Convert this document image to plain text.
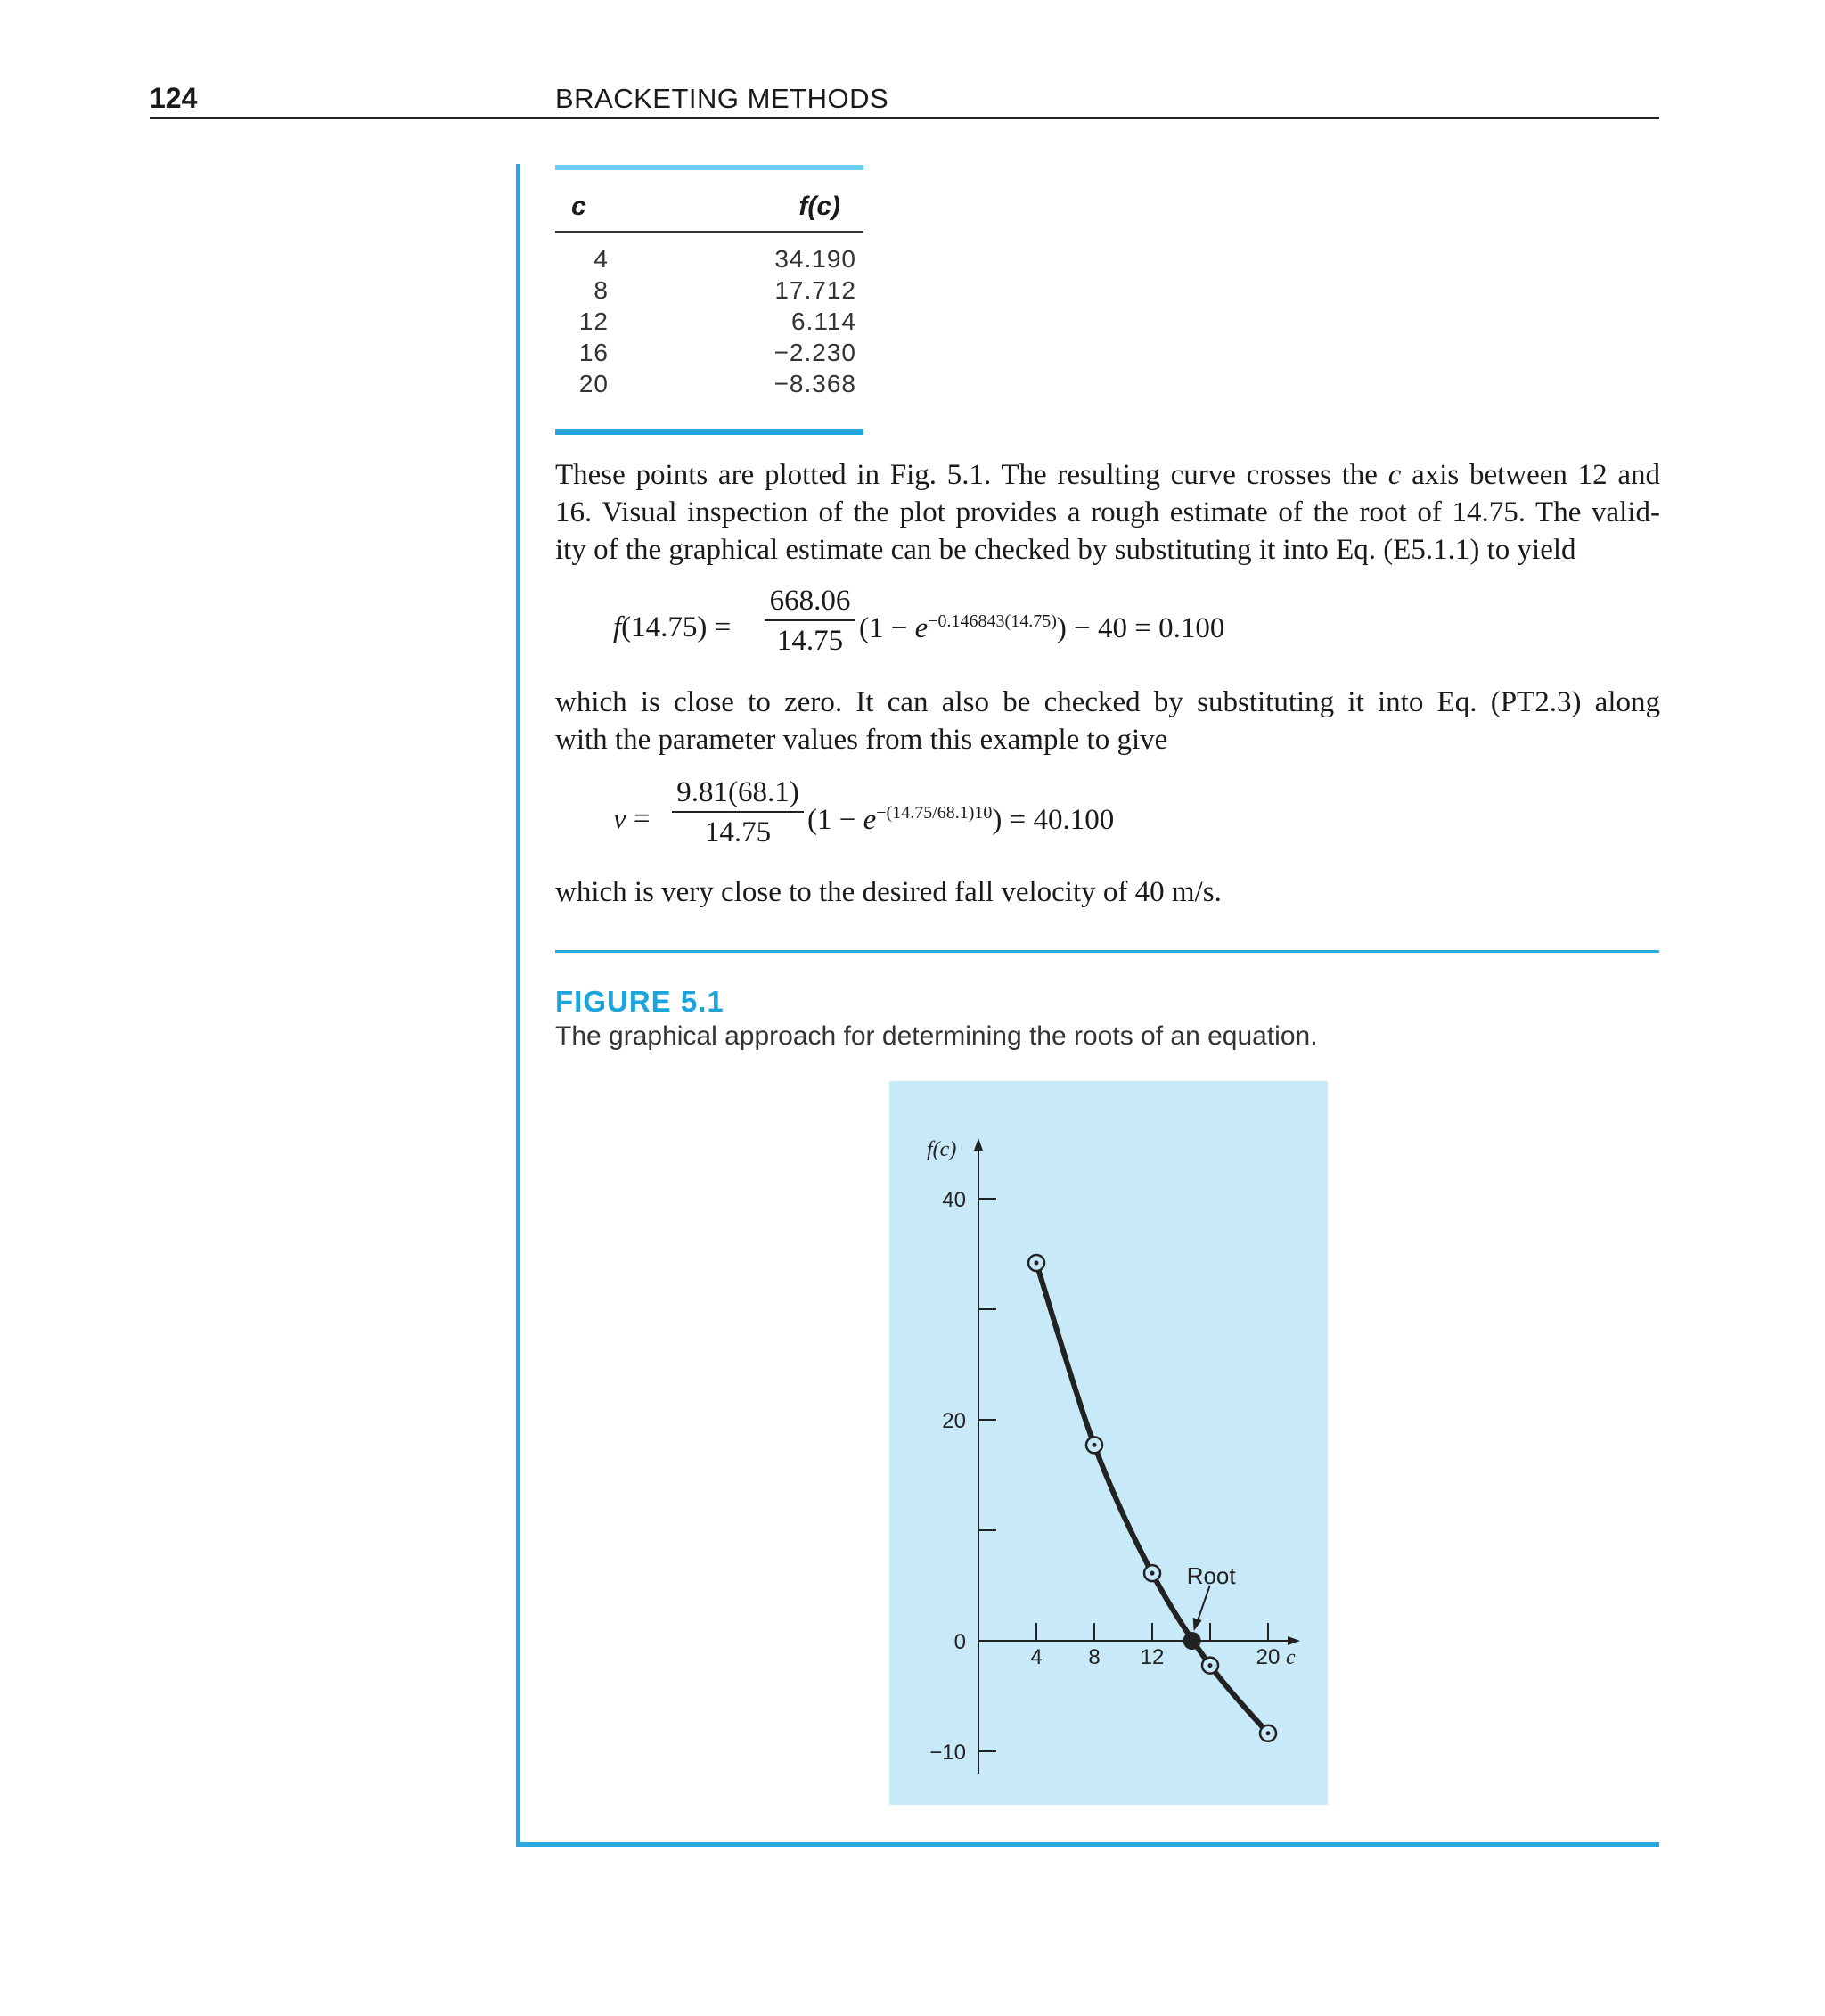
124	BRACKETING METHODS
c	f(c)
4	34.190
8	17.712
12	6.114
16	−2.230
20	−8.368
These points are plotted in Fig. 5.1. The resulting curve crosses the c axis between 12 and
16. Visual inspection of the plot provides a rough estimate of the root of 14.75. The valid-
ity of the graphical estimate can be checked by substituting it into Eq. (E5.1.1) to yield
f(14.75) =
668.06
14.75 $(1 - e^{-0.146843(14.75)}) - 40 = 0.100$
which is close to zero. It can also be checked by substituting it into Eq. (PT2.3) along
with the parameter values from this example to give
v =
9.81(68.1)
14.75	$(1 - e^{-(14.75/68.1)10}) = 40.100$
which is very close to the desired fall velocity of 40 m/s.
FIGURE 5.1
The graphical approach for determining the roots of an equation.
40
20
0
−10
4 8 12	20
f(c)
c
Root
